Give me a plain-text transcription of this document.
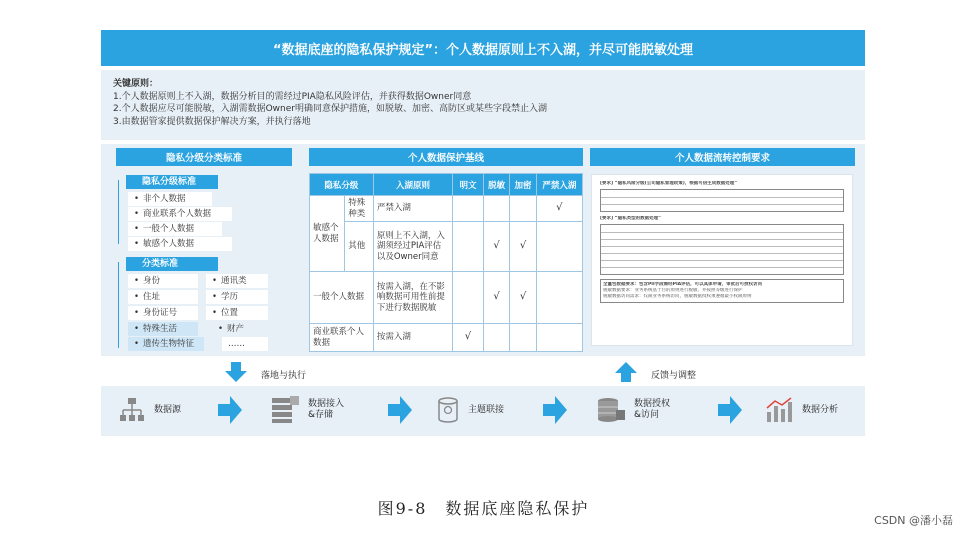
“数据底座的隐私保护规定”：个人数据原则上不入湖，并尽可能脱敏处理
关键原则：
1.个人数据原则上不入湖，数据分析目的需经过PIA隐私风险评估，并获得数据Owner同意
2.个人数据应尽可能脱敏，入湖需数据Owner明确同意保护措施，如脱敏、加密、高防区或某些字段禁止入湖
3.由数据管家提供数据保护解决方案，并执行落地
隐私分级分类标准	个人数据保护基线	个人数据流转控制要求
隐私分级标准
• 非个人数据
• 商业联系个人数据
• 一般个人数据
• 敏感个人数据
分类标准
• 身份
• 住址
• 身份证号
• 特殊生活
• 遗传生物特征
• 通讯类
• 学历
• 位置
• 财产
……
隐私分级		入湖原则	明文	脱敏	加密	严禁入湖
敏感个人数据	特殊种类	严禁入湖				√
	其他	原则上不入湖，入湖须经过PIA评估以及Owner同意		√	√	
一般个人数据		按需入湖，在不影响数据可用性前提下进行数据脱敏		√	√	
商业联系个人数据		按需入湖	√			
[要求] “隐私风险分级(公司隐私管理政策)，根据可信生成数据处理”
[要求] “隐私类型的数据处理”
全量包数据要求：包含PII字段需经PIA评估，可以具体申请，审批后可授权访问
脱敏数据要求：业务系统基于目的原则进行脱敏，并按照等级进行保护
脱敏数据访问需求：仅限业务系统访问，脱敏数据授权须遵循最小权限原则
落地与执行	反馈与调整
数据源
数据接入
&存储
主题联接
数据授权
&访问
数据分析
图9-8　数据底座隐私保护
CSDN @潘小磊
